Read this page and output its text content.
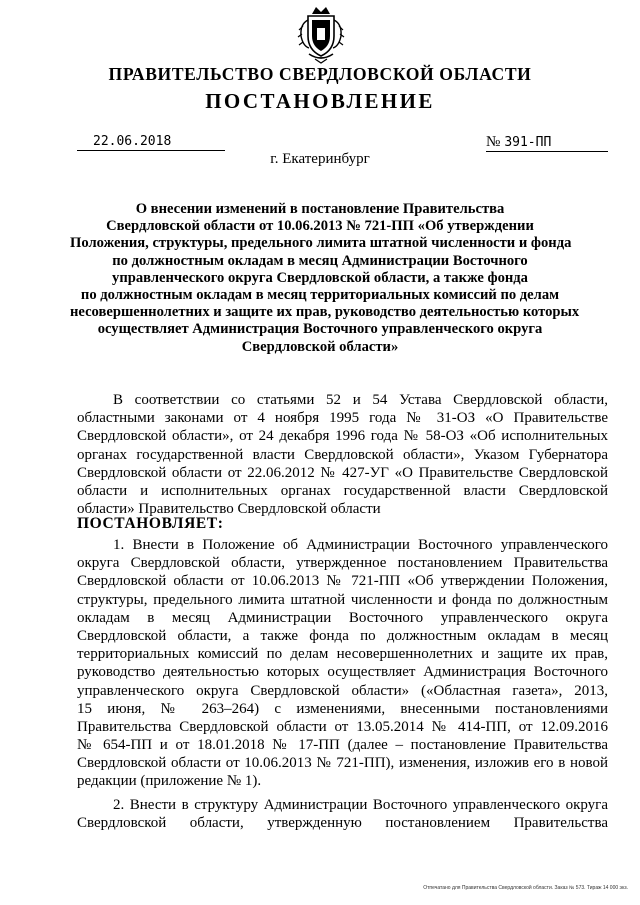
ПРАВИТЕЛЬСТВО СВЕРДЛОВСКОЙ ОБЛАСТИ
ПОСТАНОВЛЕНИЕ
22.06.2018	№ 391-ПП
г. Екатеринбург
О внесении изменений в постановление Правительства
Свердловской области от 10.06.2013 № 721-ПП «Об утверждении
Положения, структуры, предельного лимита штатной численности и фонда
по должностным окладам в месяц Администрации Восточного
управленческого округа Свердловской области, а также фонда
по должностным окладам в месяц территориальных комиссий по делам
несовершеннолетних и защите их прав, руководство деятельностью которых
осуществляет Администрация Восточного управленческого округа
Свердловской области»
В соответствии со статьями 52 и 54 Устава Свердловской области,
областными законами от 4 ноября 1995 года № 31-ОЗ «О Правительстве
Свердловской области», от 24 декабря 1996 года № 58-ОЗ «Об исполнительных
органах государственной власти Свердловской области», Указом Губернатора
Свердловской области от 22.06.2012 № 427-УГ «О Правительстве Свердловской
области и исполнительных органах государственной власти Свердловской
области» Правительство Свердловской области
ПОСТАНОВЛЯЕТ:
1. Внести в Положение об Администрации Восточного управленческого
округа Свердловской области, утвержденное постановлением Правительства
Свердловской области от 10.06.2013 № 721-ПП «Об утверждении Положения,
структуры, предельного лимита штатной численности и фонда по должностным
окладам в месяц Администрации Восточного управленческого округа
Свердловской области, а также фонда по должностным окладам в месяц
территориальных комиссий по делам несовершеннолетних и защите их прав,
руководство деятельностью которых осуществляет Администрация Восточного
управленческого округа Свердловской области» («Областная газета», 2013,
15 июня, № 263–264) с изменениями, внесенными постановлениями
Правительства Свердловской области от 13.05.2014 № 414-ПП, от 12.09.2016
№ 654-ПП и от 18.01.2018 № 17-ПП (далее – постановление Правительства
Свердловской области от 10.06.2013 № 721-ПП), изменения, изложив его в новой
редакции (приложение № 1).
2. Внести в структуру Администрации Восточного управленческого округа
Свердловской области, утвержденную постановлением Правительства
Отпечатано для Правительства Свердловской области. Заказ № 573. Тираж 14 000 экз.
